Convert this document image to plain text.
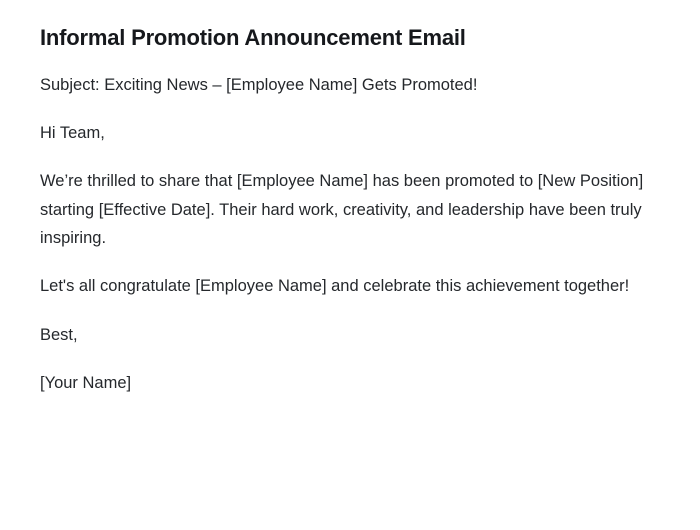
Informal Promotion Announcement Email

Subject: Exciting News – [Employee Name] Gets Promoted!

Hi Team,

We’re thrilled to share that [Employee Name] has been promoted to [New Position] starting [Effective Date]. Their hard work, creativity, and leadership have been truly inspiring.

Let's all congratulate [Employee Name] and celebrate this achievement together!

Best,

[Your Name]
